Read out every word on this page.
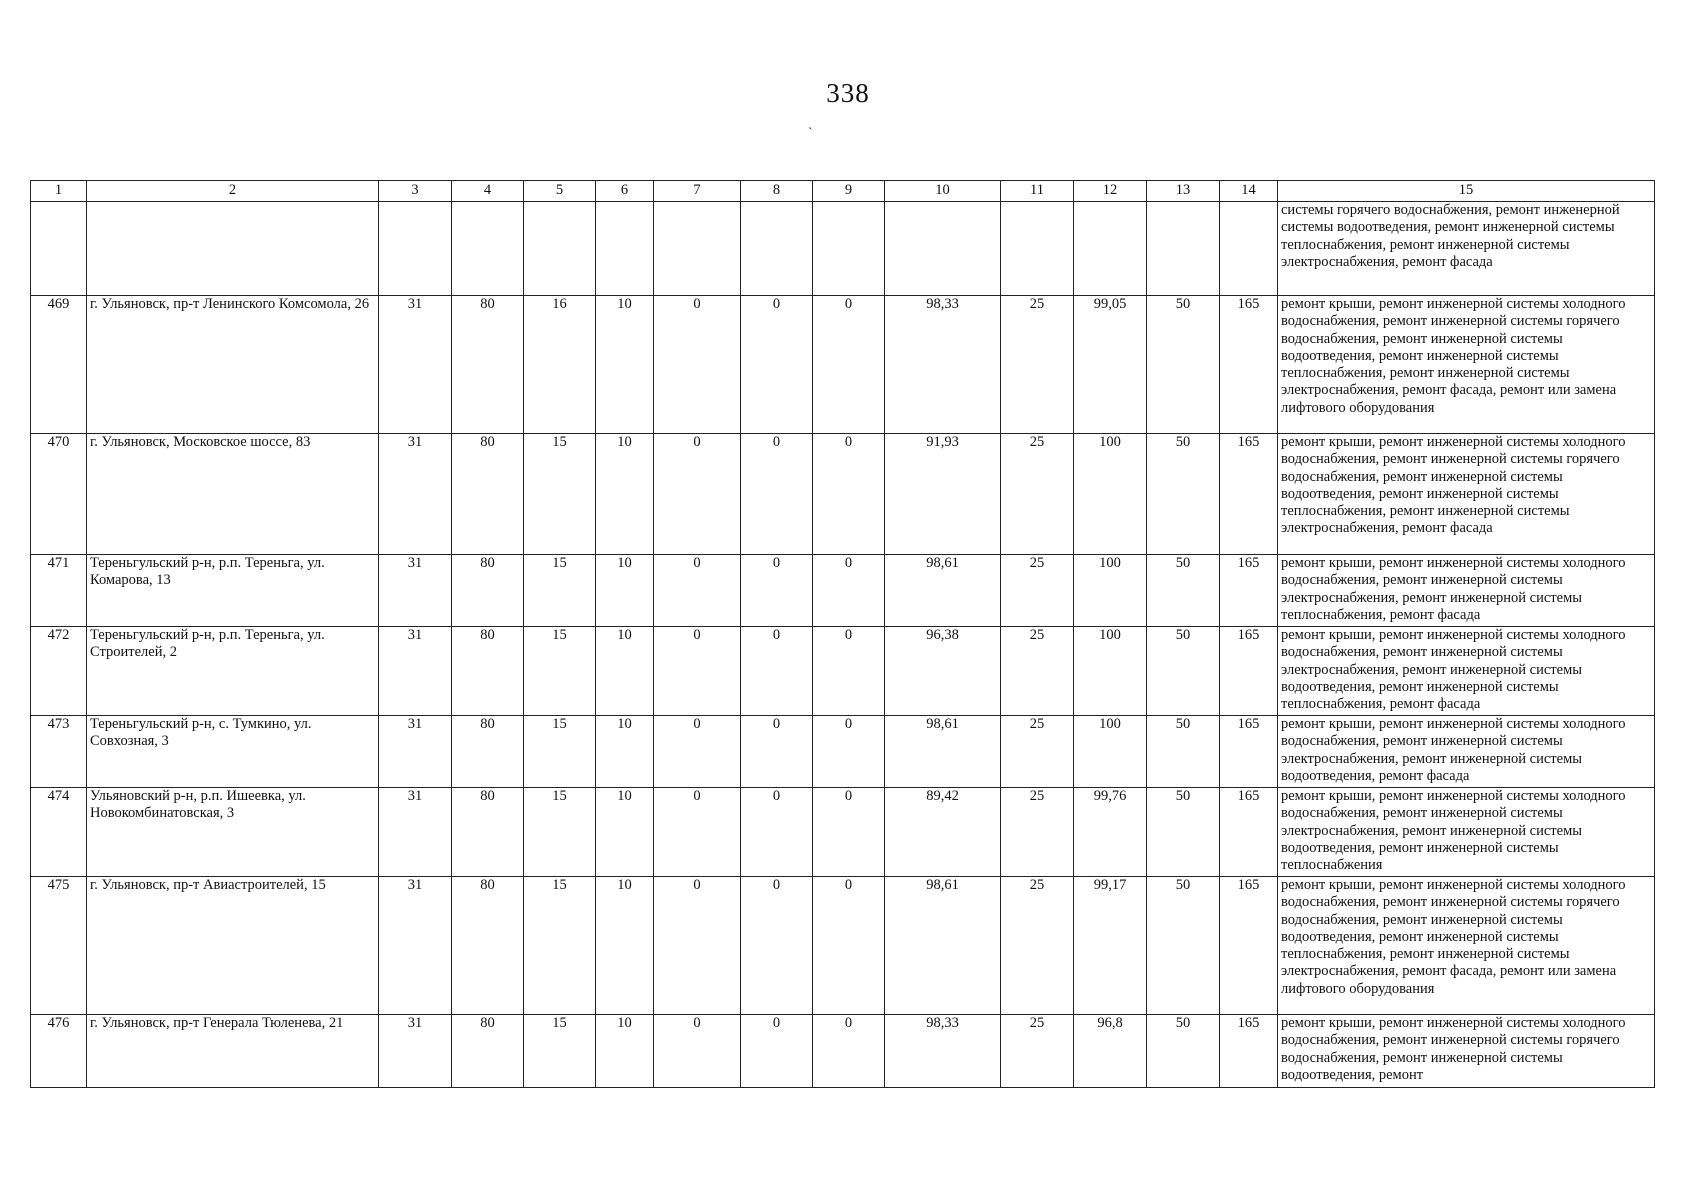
338
ˋ
1	2	3	4	5	6	7	8	9	10	11	12	13	14	15
														системы горячего водоснабжения, ремонт инженерной системы водоотведения, ремонт инженерной системы теплоснабжения, ремонт инженерной системы электроснабжения, ремонт фасада
469	г. Ульяновск, пр-т Ленинского Комсомола, 26	31	80	16	10	0	0	0	98,33	25	99,05	50	165	ремонт крыши, ремонт инженерной системы холодного водоснабжения, ремонт инженерной системы горячего водоснабжения, ремонт инженерной системы водоотведения, ремонт инженерной системы теплоснабжения, ремонт инженерной системы электроснабжения, ремонт фасада, ремонт или замена лифтового оборудования
470	г. Ульяновск, Московское шоссе, 83	31	80	15	10	0	0	0	91,93	25	100	50	165	ремонт крыши, ремонт инженерной системы холодного водоснабжения, ремонт инженерной системы горячего водоснабжения, ремонт инженерной системы водоотведения, ремонт инженерной системы теплоснабжения, ремонт инженерной системы электроснабжения, ремонт фасада
471	Тереньгульский р-н, р.п. Тереньга, ул. Комарова, 13	31	80	15	10	0	0	0	98,61	25	100	50	165	ремонт крыши, ремонт инженерной системы холодного водоснабжения, ремонт инженерной системы электроснабжения, ремонт инженерной системы теплоснабжения, ремонт фасада
472	Тереньгульский р-н, р.п. Тереньга, ул. Строителей, 2	31	80	15	10	0	0	0	96,38	25	100	50	165	ремонт крыши, ремонт инженерной системы холодного водоснабжения, ремонт инженерной системы электроснабжения, ремонт инженерной системы водоотведения, ремонт инженерной системы теплоснабжения, ремонт фасада
473	Тереньгульский р-н, с. Тумкино, ул. Совхозная, 3	31	80	15	10	0	0	0	98,61	25	100	50	165	ремонт крыши, ремонт инженерной системы холодного водоснабжения, ремонт инженерной системы электроснабжения, ремонт инженерной системы водоотведения, ремонт фасада
474	Ульяновский р-н, р.п. Ишеевка, ул. Новокомбинатовская, 3	31	80	15	10	0	0	0	89,42	25	99,76	50	165	ремонт крыши, ремонт инженерной системы холодного водоснабжения, ремонт инженерной системы электроснабжения, ремонт инженерной системы водоотведения, ремонт инженерной системы теплоснабжения
475	г. Ульяновск, пр-т Авиастроителей, 15	31	80	15	10	0	0	0	98,61	25	99,17	50	165	ремонт крыши, ремонт инженерной системы холодного водоснабжения, ремонт инженерной системы горячего водоснабжения, ремонт инженерной системы водоотведения, ремонт инженерной системы теплоснабжения, ремонт инженерной системы электроснабжения, ремонт фасада, ремонт или замена лифтового оборудования
476	г. Ульяновск, пр-т Генерала Тюленева, 21	31	80	15	10	0	0	0	98,33	25	96,8	50	165	ремонт крыши, ремонт инженерной системы холодного водоснабжения, ремонт инженерной системы горячего водоснабжения, ремонт инженерной системы водоотведения, ремонт
